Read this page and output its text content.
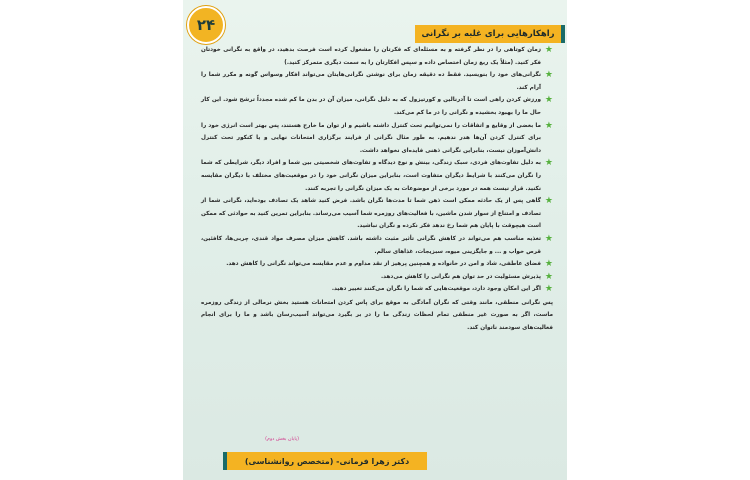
۲۴	راهکارهایی برای غلبه بر نگرانی
★
زمان کوتاهی را در نظر گرفته و به مسئله‌ای که فکرتان را مشغول کرده است فرصت بدهید، در واقع به نگرانی خودتان فکر کنید. (مثلاً یک ربع زمان اختصاص داده و سپس افکارتان را به سمت دیگری متمرکز کنید.)
★
نگرانی‌های خود را بنویسید. فقط ده دقیقه زمان برای نوشتن نگرانی‌هایتان می‌تواند افکار وسواس گونه و مکرر شما را آرام کند.
★
ورزش کردن راهی است تا آدرنالین و کورتیزول که به دلیل نگرانی، میزان آن در بدن ما کم شده مجدداً ترشح شود. این کار حال ما را بهبود بخشیده و نگرانی را در ما کم می‌کند.
★
ما بعضی از وقایع و اتفاقات را نمی‌توانیم تحت کنترل داشته باشیم و از توان ما خارج هستند، پس بهتر است انرژی خود را برای کنترل کردن آن‌ها هدر ندهیم. به طور مثال نگرانی از فرایند برگزاری امتحانات نهایی و یا کنکور تحت کنترل دانش‌آموزان نیست، بنابراین نگرانی ذهنی فایده‌ای نخواهد داشت.
★
به دلیل تفاوت‌های فردی، سبک زندگی، بینش و نوع دیدگاه و تفاوت‌های شخصیتی بین شما و افراد دیگر، شرایطی که شما را نگران می‌کنند با شرایط دیگران متفاوت است، بنابراین میزان نگرانی خود را در موقعیت‌های مختلف با دیگران مقایسه نکنید. قرار نیست همه در مورد برخی از موضوعات به یک میزان نگرانی را تجربه کنند.
★
گاهی پس از یک حادثه ممکن است ذهن شما تا مدت‌ها نگران باشد. فرض کنید شاهد یک تصادف بوده‌اید، نگرانی شما از تصادف و امتناع از سوار شدن ماشین، با فعالیت‌های روزمره شما آسیب می‌رساند. بنابراین تمرین کنید به حوادثی که ممکن است هیچوقت با پایان هم شما رخ ندهد فکر نکرده و نگران نباشید.
★
تغذیه مناسب هم می‌تواند در کاهش نگرانی تأثیر مثبت داشته باشد. کاهش میزان مصرف مواد قندی، چربی‌ها، کافئین، قرص خواب و ... و جایگزینی میوه، سبزیجات، غذاهای سالم.
★
فضای عاطفی، شاد و امن در خانواده و همچنین پرهیز از نقد مداوم و عدم مقایسه می‌تواند نگرانی را کاهش دهد.
★
پذیرش مسئولیت در حد توان هم نگرانی را کاهش می‌دهد.
★
اگر این امکان وجود دارد، موقعیت‌هایی که شما را نگران می‌کنند تغییر دهید.
پس نگرانی منطقی، مانند وقتی که نگران آمادگی به موقع برای پاس کردن امتحانات هستید بخش نرمالی از زندگی روزمره ماست، اگر به صورت غیر منطقی تمام لحظات زندگی ما را در بر بگیرد می‌تواند آسیب‌رسان باشد و ما را برای انجام فعالیت‌های سودمند ناتوان کند.
(پایان بخش دوم)
دکتر زهرا فرمانی- (متخصص روانشناسی)
